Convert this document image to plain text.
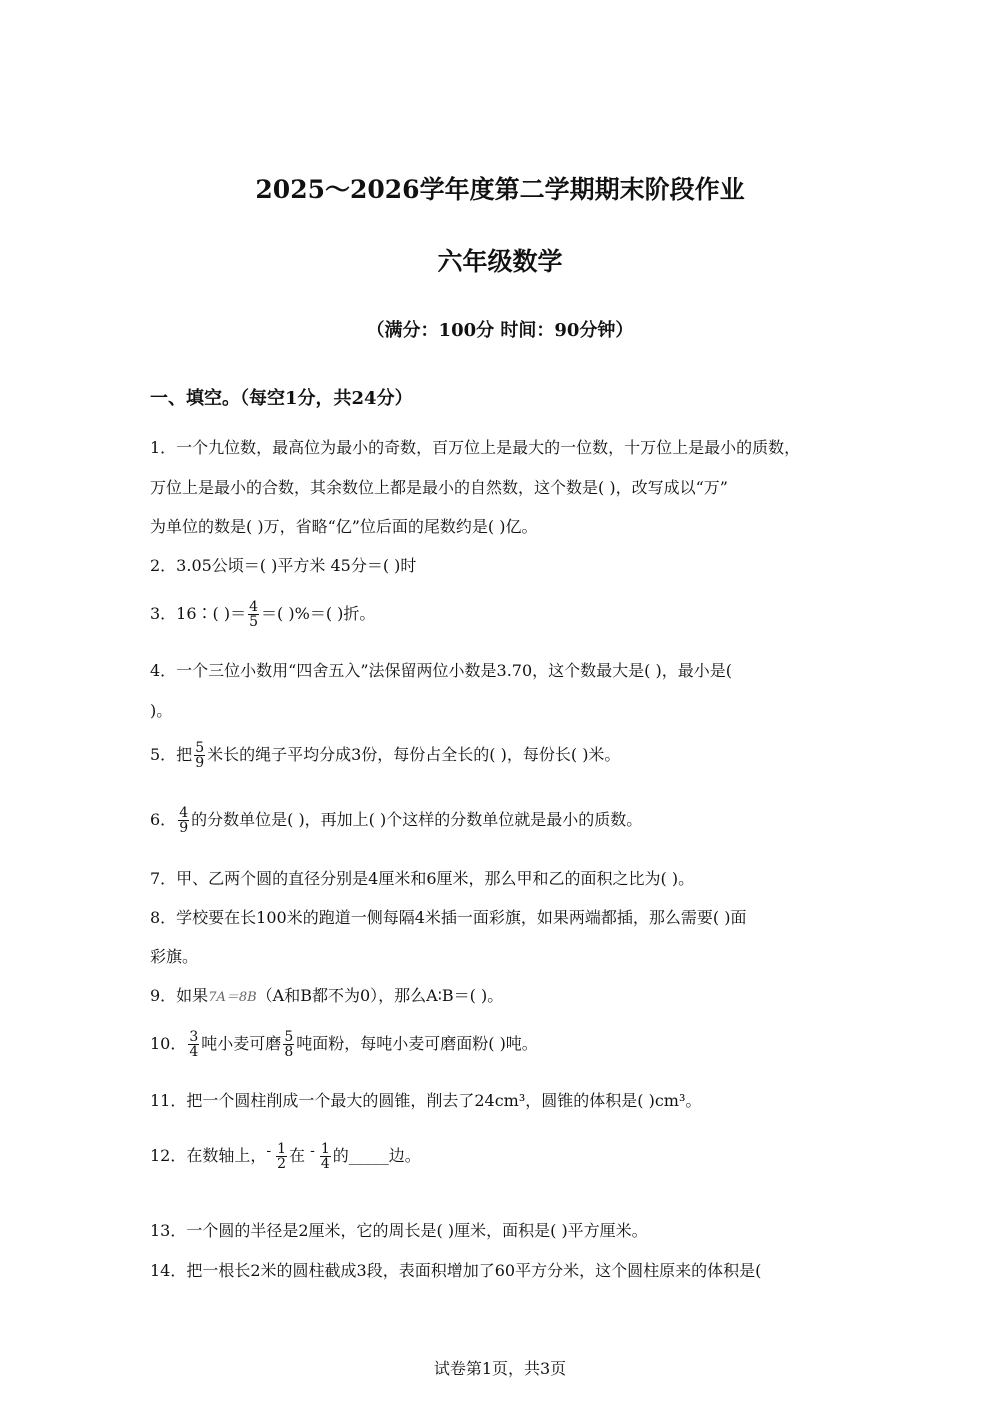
2025～2026学年度第二学期期末阶段作业
六年级数学
（满分：100分 时间：90分钟）
一、填空。（每空1分，共24分）
1．一个九位数，最高位为最小的奇数，百万位上是最大的一位数，十万位上是最小的质数，
万位上是最小的合数，其余数位上都是最小的自然数，这个数是( )，改写成以“万”
为单位的数是( )万，省略“亿”位后面的尾数约是( )亿。
2．3.05公顷＝( )平方米 45分＝( )时
3．16∶( )＝ $\frac{4}{5}$ ＝( )%＝( )折。
4．一个三位小数用“四舍五入”法保留两位小数是3.70，这个数最大是( )，最小是(
)。
5．把 $\frac{5}{9}$ 米长的绳子平均分成3份，每份占全长的( )，每份长( )米。
6． $\frac{4}{9}$ 的分数单位是( )，再加上( )个这样的分数单位就是最小的质数。
7．甲、乙两个圆的直径分别是4厘米和6厘米，那么甲和乙的面积之比为( )。
8．学校要在长100米的跑道一侧每隔4米插一面彩旗，如果两端都插，那么需要( )面
彩旗。
9．如果7A＝8B（A和B都不为0），那么A∶B＝( )。
10． $\frac{3}{4}$ 吨小麦可磨 $\frac{5}{8}$ 吨面粉，每吨小麦可磨面粉( )吨。
11．把一个圆柱削成一个最大的圆锥，削去了24cm³，圆锥的体积是( )cm³。
12．在数轴上，- $\frac{1}{2}$ 在 - $\frac{1}{4}$ 的_____边。
13．一个圆的半径是2厘米，它的周长是( )厘米，面积是( )平方厘米。
14．把一根长2米的圆柱截成3段，表面积增加了60平方分米，这个圆柱原来的体积是(
试卷第1页，共3页
